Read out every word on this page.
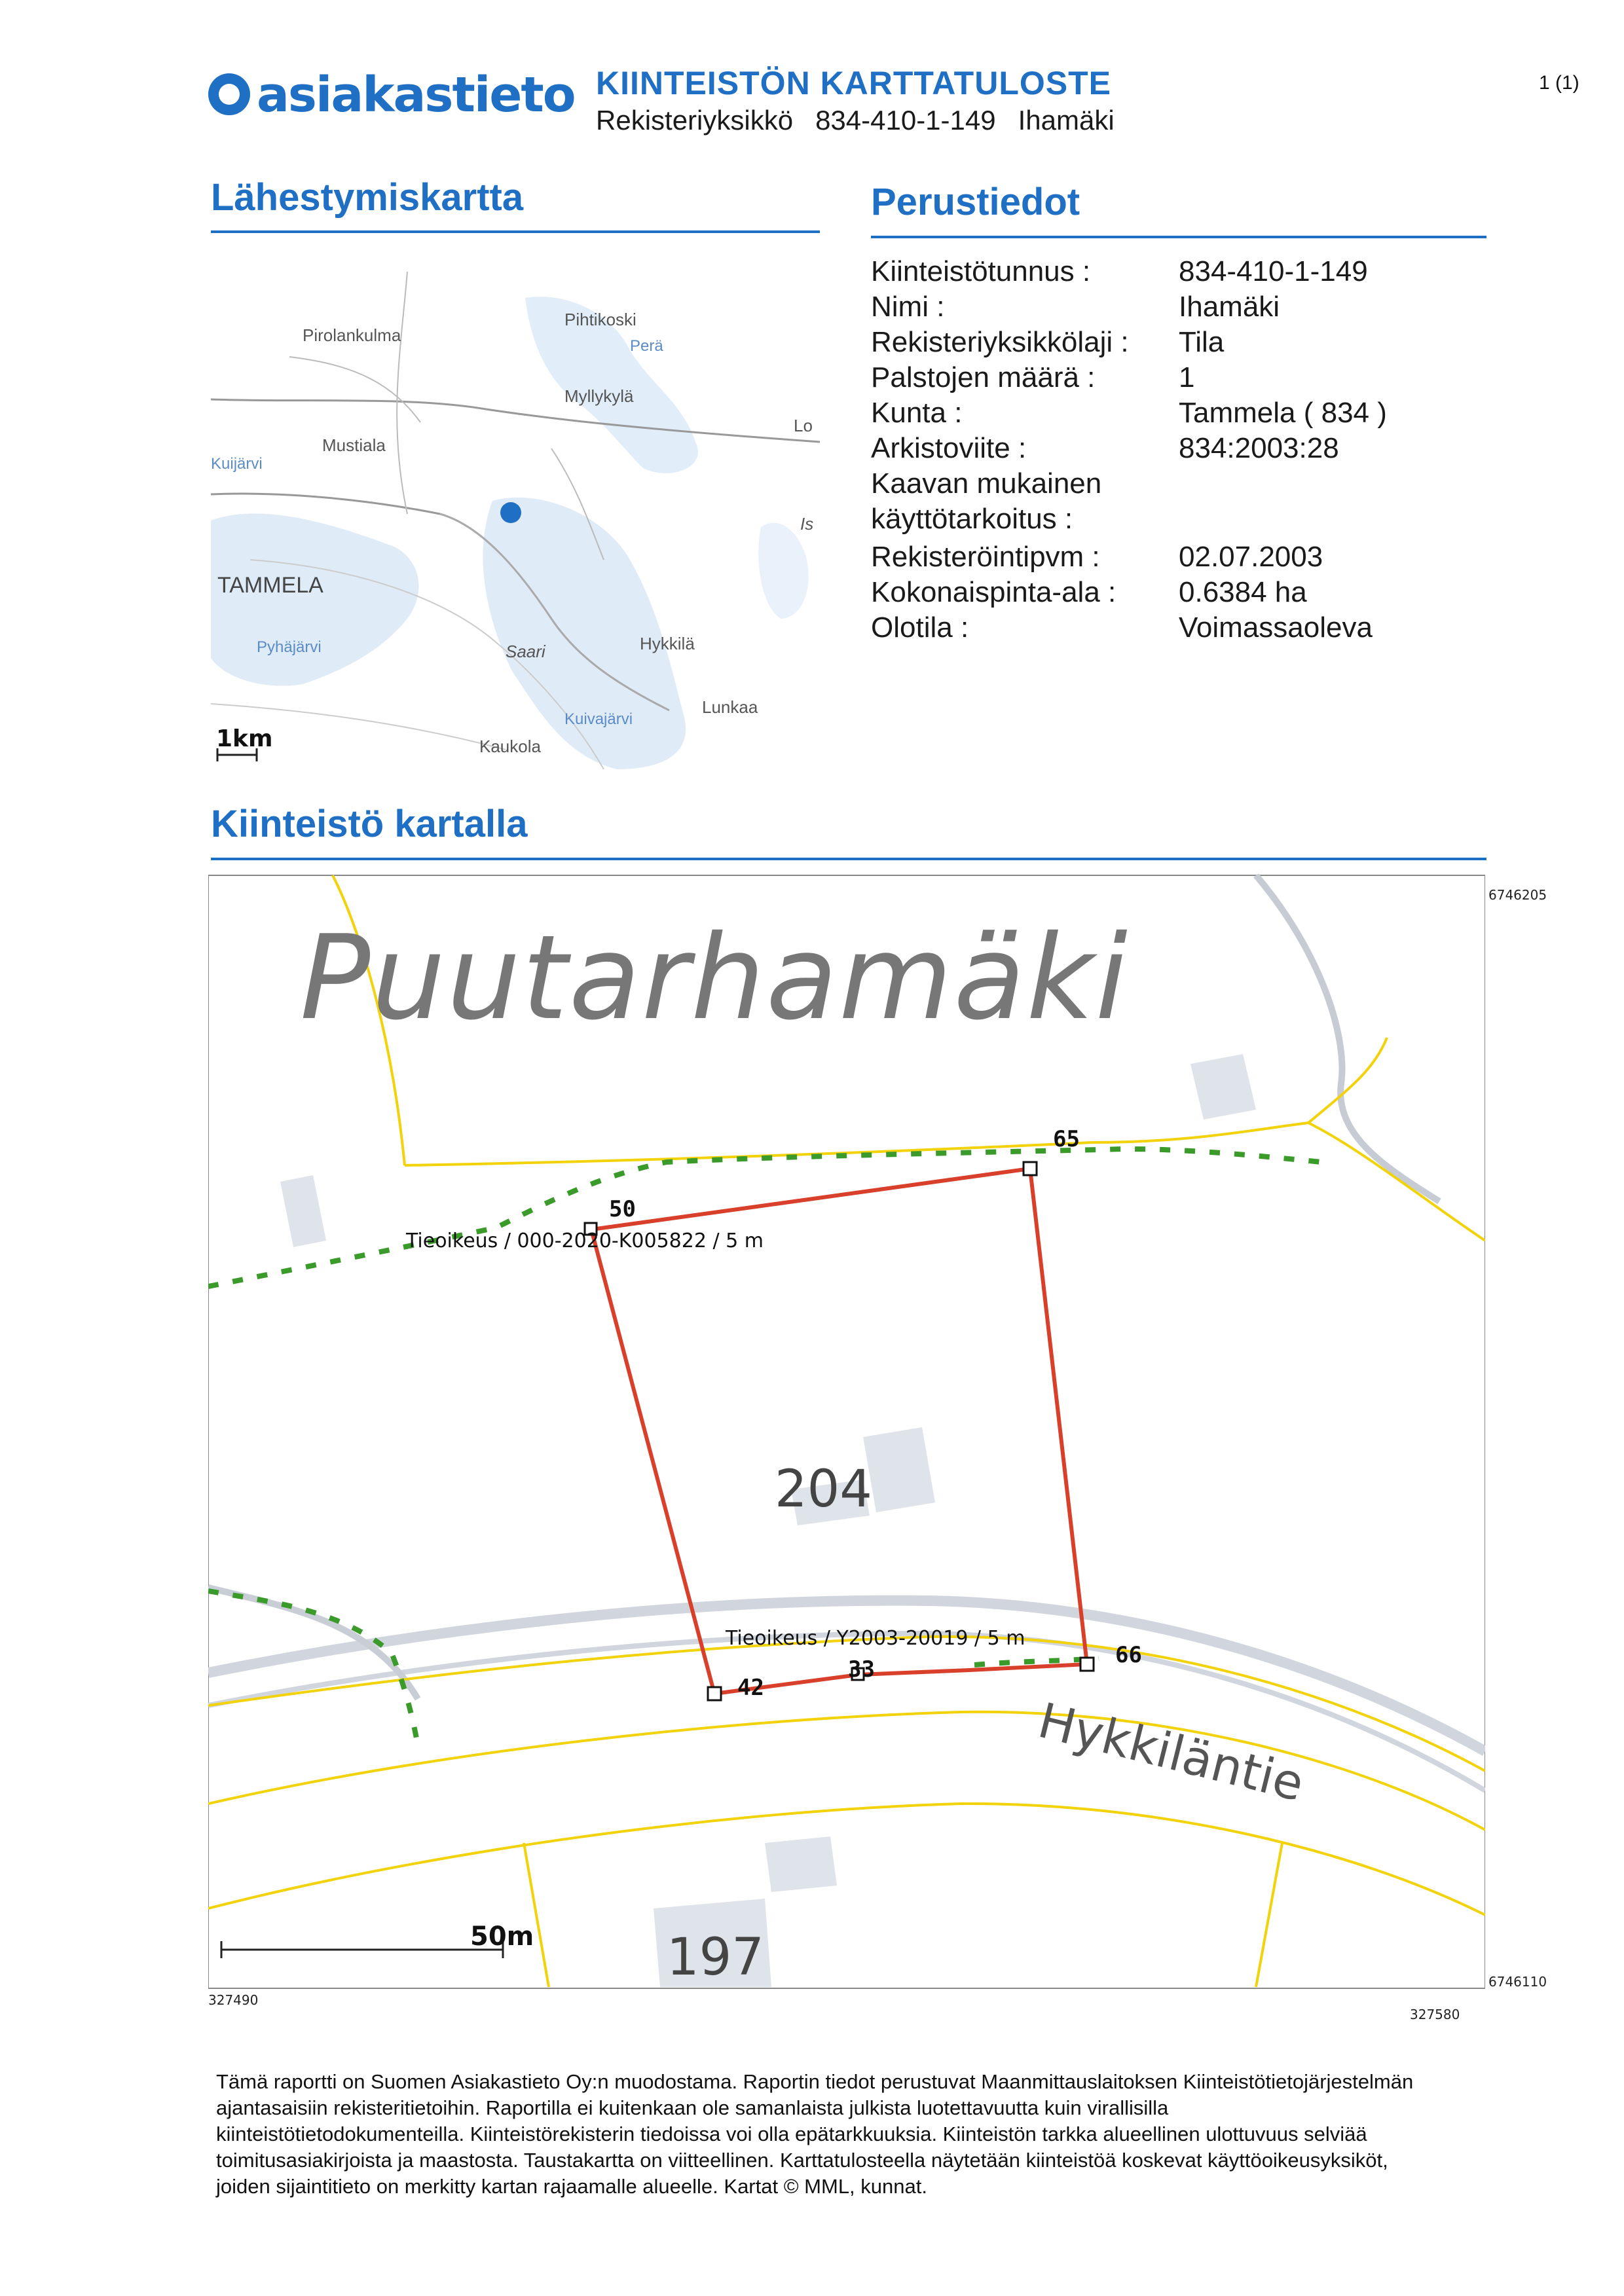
asiakastieto KIINTEISTÖN KARTTATULOSTE
Rekisteriyksikkö 834-410-1-149 Ihamäki
1 (1)
Lähestymiskartta
Pirolankulma
Pihtikoski
Myllykylä
Mustiala
TAMMELA
Pyhäjärvi	Saari	Hykkilä
Lunkaa
Kaukola
Kuivajärvi
Lo
Is
Kuijärvi
Perä
1km
Perustiedot
Kiinteistötunnus :	834-410-1-149
Nimi :	Ihamäki
Rekisteriyksikkölaji :	Tila
Palstojen määrä :	1
Kunta :	Tammela ( 834 )
Arkistoviite :	834:2003:28
Kaavan mukainen
käyttötarkoitus :
Rekisteröintipvm :	02.07.2003
Kokonaispinta-ala :	0.6384 ha
Olotila :	Voimassaoleva
Kiinteistö kartalla
Puutarhamäki
204
197
Hykkiläntie
50
65
42
33
66
Tieoikeus / 000-2020-K005822 / 5 m
Tieoikeus / Y2003-20019 / 5 m
6746205
6746110
327490
327580
50m
Tämä raportti on Suomen Asiakastieto Oy:n muodostama. Raportin tiedot perustuvat Maanmittauslaitoksen Kiinteistötietojärjestelmän ajantasaisiin rekisteritietoihin. Raportilla ei kuitenkaan ole samanlaista julkista luotettavuutta kuin virallisilla kiinteistötietodokumenteilla. Kiinteistörekisterin tiedoissa voi olla epätarkkuuksia. Kiinteistön tarkka alueellinen ulottuvuus selviää toimitusasiakirjoista ja maastosta. Taustakartta on viitteellinen. Karttatulosteella näytetään kiinteistöä koskevat käyttöoikeusyksiköt, joiden sijaintitieto on merkitty kartan rajaamalle alueelle. Kartat © MML, kunnat.
